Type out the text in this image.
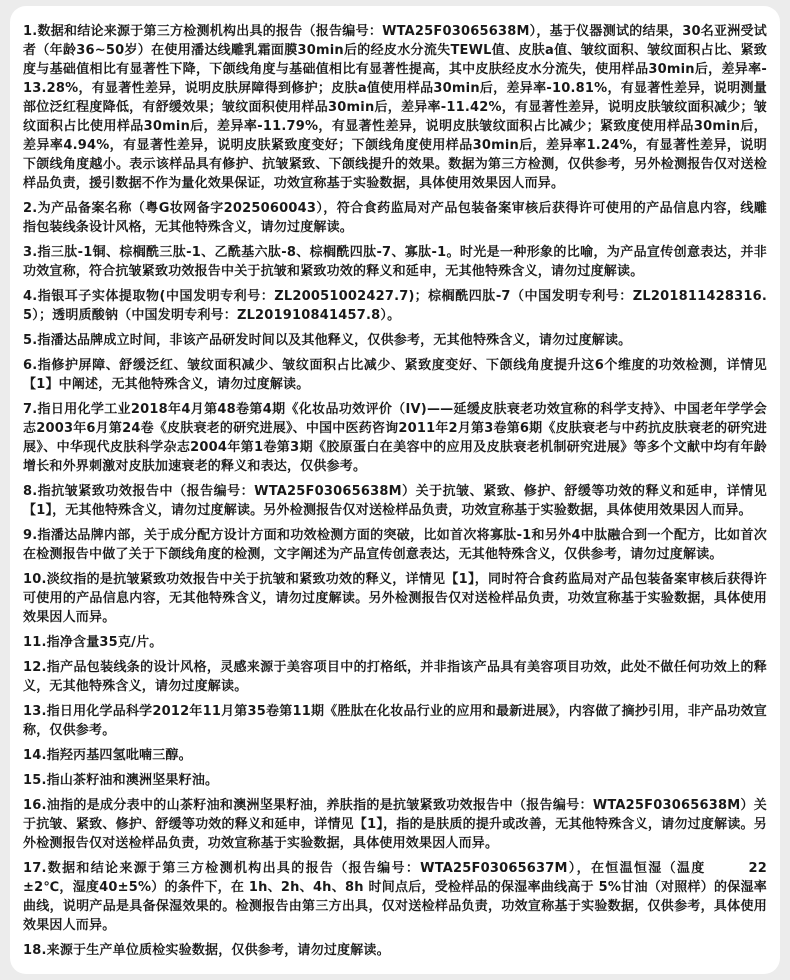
1.数据和结论来源于第三方检测机构出具的报告（报告编号：WTA25F03065638M），基于仪器测试的结果，30名亚洲受试者（年龄36~50岁）在使用潘达线雕乳霜面膜30min后的经皮水分流失TEWL值、皮肤a值、皱纹面积、皱纹面积占比、紧致度与基础值相比有显著性下降，下颌线角度与基础值相比有显著性提高，其中皮肤经皮水分流失，使用样品30min后，差异率-13.28%，有显著性差异，说明皮肤屏障得到修护；皮肤a值使用样品30min后，差异率-10.81%，有显著性差异，说明测量部位泛红程度降低，有舒缓效果；皱纹面积使用样品30min后，差异率-11.42%，有显著性差异，说明皮肤皱纹面积减少；皱纹面积占比使用样品30min后，差异率-11.79%，有显著性差异，说明皮肤皱纹面积占比减少；紧致度使用样品30min后，差异率4.94%，有显著性差异，说明皮肤紧致度变好；下颌线角度使用样品30min后，差异率1.24%，有显著性差异，说明下颌线角度越小。表示该样品具有修护、抗皱紧致、下颌线提升的效果。数据为第三方检测，仅供参考，另外检测报告仅对送检样品负责，援引数据不作为量化效果保证，功效宣称基于实验数据，具体使用效果因人而异。

2.为产品备案名称（粤G妆网备字2025060043），符合食药监局对产品包装备案审核后获得许可使用的产品信息内容，线雕指包装线条设计风格，无其他特殊含义，请勿过度解读。

3.指三肽-1铜、棕榈酰三肽-1、乙酰基六肽-8、棕榈酰四肽-7、寡肽-1。时光是一种形象的比喻，为产品宣传创意表达，并非功效宣称，符合抗皱紧致功效报告中关于抗皱和紧致功效的释义和延申，无其他特殊含义，请勿过度解读。

4.指银耳子实体提取物(中国发明专利号：ZL20051002427.7)；棕榈酰四肽-7（中国发明专利号：ZL201811428316.5）；透明质酸钠（中国发明专利号：ZL201910841457.8）。

5.指潘达品牌成立时间，非该产品研发时间以及其他释义，仅供参考，无其他特殊含义，请勿过度解读。

6.指修护屏障、舒缓泛红、皱纹面积减少、皱纹面积占比减少、紧致度变好、下颌线角度提升这6个维度的功效检测，详情见【1】中阐述，无其他特殊含义，请勿过度解读。

7.指日用化学工业2018年4月第48卷第4期《化妆品功效评价（IV)——延缓皮肤衰老功效宣称的科学支持》、中国老年学学会志2003年6月第24卷《皮肤衰老的研究进展》、中国中医药咨询2011年2月第3卷第6期《皮肤衰老与中药抗皮肤衰老的研究进展》、中华现代皮肤科学杂志2004年第1卷第3期《胶原蛋白在美容中的应用及皮肤衰老机制研究进展》等多个文献中均有年龄增长和外界刺激对皮肤加速衰老的释义和表达，仅供参考。

8.指抗皱紧致功效报告中（报告编号：WTA25F03065638M）关于抗皱、紧致、修护、舒缓等功效的释义和延申，详情见【1】，无其他特殊含义，请勿过度解读。另外检测报告仅对送检样品负责，功效宣称基于实验数据，具体使用效果因人而异。

9.指潘达品牌内部，关于成分配方设计方面和功效检测方面的突破，比如首次将寡肽-1和另外4中肽融合到一个配方，比如首次在检测报告中做了关于下颌线角度的检测，文字阐述为产品宣传创意表达，无其他特殊含义，仅供参考，请勿过度解读。

10.淡纹指的是抗皱紧致功效报告中关于抗皱和紧致功效的释义，详情见【1】，同时符合食药监局对产品包装备案审核后获得许可使用的产品信息内容，无其他特殊含义，请勿过度解读。另外检测报告仅对送检样品负责，功效宣称基于实验数据，具体使用效果因人而异。

11.指净含量35克/片。

12.指产品包装线条的设计风格，灵感来源于美容项目中的打格纸，并非指该产品具有美容项目功效，此处不做任何功效上的释义，无其他特殊含义，请勿过度解读。

13.指日用化学品科学2012年11月第35卷第11期《胜肽在化妆品行业的应用和最新进展》，内容做了摘抄引用，非产品功效宣称，仅供参考。

14.指羟丙基四氢吡喃三醇。

15.指山茶籽油和澳洲坚果籽油。

16.油指的是成分表中的山茶籽油和澳洲坚果籽油，养肤指的是抗皱紧致功效报告中（报告编号：WTA25F03065638M）关于抗皱、紧致、修护、舒缓等功效的释义和延申，详情见【1】，指的是肤质的提升或改善，无其他特殊含义，请勿过度解读。另外检测报告仅对送检样品负责，功效宣称基于实验数据，具体使用效果因人而异。

17.数据和结论来源于第三方检测机构出具的报告（报告编号：WTA25F03065637M），在恒温恒湿（温度　　　22±2℃，湿度40±5%）的条件下，在 1h、2h、4h、8h 时间点后，受检样品的保湿率曲线高于 5%甘油（对照样）的保湿率曲线，说明产品是具备保湿效果的。检测报告由第三方出具，仅对送检样品负责，功效宣称基于实验数据，仅供参考，具体使用效果因人而异。

18.来源于生产单位质检实验数据，仅供参考，请勿过度解读。
